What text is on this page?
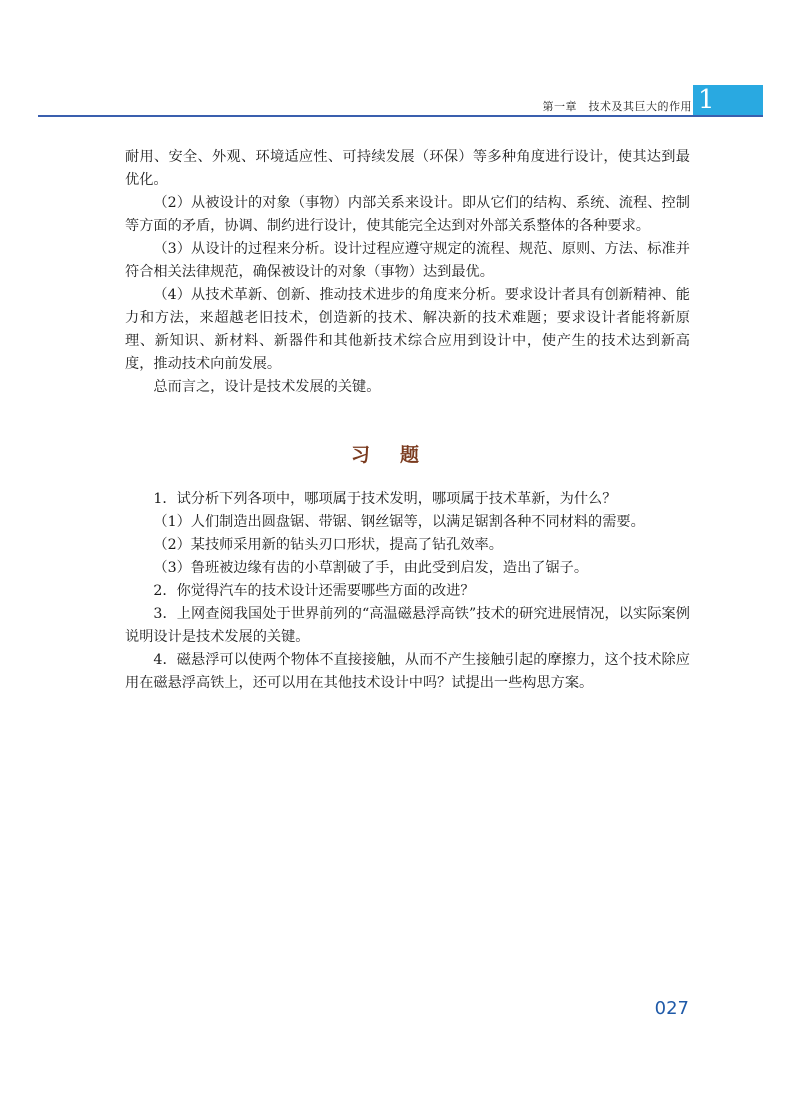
第一章　技术及其巨大的作用 1

耐用、安全、外观、环境适应性、可持续发展（环保）等多种角度进行设计，使其达到最优化。

（2）从被设计的对象（事物）内部关系来设计。即从它们的结构、系统、流程、控制等方面的矛盾，协调、制约进行设计，使其能完全达到对外部关系整体的各种要求。

（3）从设计的过程来分析。设计过程应遵守规定的流程、规范、原则、方法、标准并符合相关法律规范，确保被设计的对象（事物）达到最优。

（4）从技术革新、创新、推动技术进步的角度来分析。要求设计者具有创新精神、能力和方法，来超越老旧技术，创造新的技术、解决新的技术难题；要求设计者能将新原理、新知识、新材料、新器件和其他新技术综合应用到设计中，使产生的技术达到新高度，推动技术向前发展。

总而言之，设计是技术发展的关键。

习题

1．试分析下列各项中，哪项属于技术发明，哪项属于技术革新，为什么？

（1）人们制造出圆盘锯、带锯、钢丝锯等，以满足锯割各种不同材料的需要。

（2）某技师采用新的钻头刃口形状，提高了钻孔效率。

（3）鲁班被边缘有齿的小草割破了手，由此受到启发，造出了锯子。

2．你觉得汽车的技术设计还需要哪些方面的改进？

3．上网查阅我国处于世界前列的“高温磁悬浮高铁”技术的研究进展情况，以实际案例说明设计是技术发展的关键。

4．磁悬浮可以使两个物体不直接接触，从而不产生接触引起的摩擦力，这个技术除应用在磁悬浮高铁上，还可以用在其他技术设计中吗？试提出一些构思方案。

027
